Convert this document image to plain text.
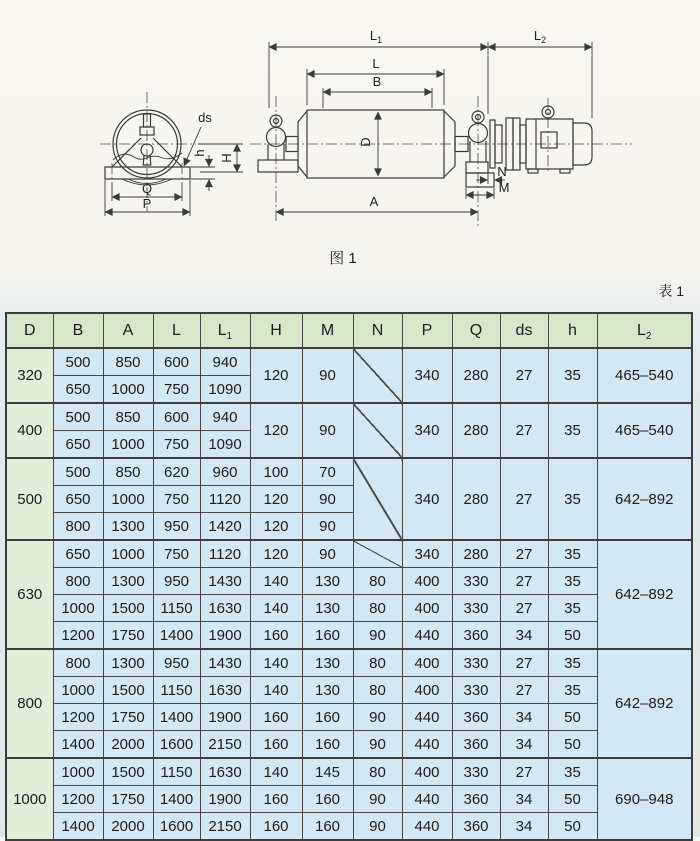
Q
P
ds
h
H
$L_1$	$L_2$
L
B
D
A
N
M
图 1
表 1
D	B	A	L	$L_1$	H	M	N	P	Q	ds	h	$L_2$
320	500	850	600	940	120	90		340	280	27	35	465–540
	650	1000	750	1090								
400	500	850	600	940	120	90		340	280	27	35	465–540
	650	1000	750	1090								
500	500	850	620	960	100	70		340	280	27	35	642–892
	650	1000	750	1120	120	90						
	800	1300	950	1420	120	90						
630	650	1000	750	1120	120	90		340	280	27	35	642–892
	800	1300	950	1430	140	130	80	400	330	27	35	
	1000	1500	1150	1630	140	130	80	400	330	27	35	
	1200	1750	1400	1900	160	160	90	440	360	34	50	
800	800	1300	950	1430	140	130	80	400	330	27	35	642–892
	1000	1500	1150	1630	140	130	80	400	330	27	35	
	1200	1750	1400	1900	160	160	90	440	360	34	50	
	1400	2000	1600	2150	160	160	90	440	360	34	50	
1000	1000	1500	1150	1630	140	145	80	400	330	27	35	690–948
	1200	1750	1400	1900	160	160	90	440	360	34	50	
	1400	2000	1600	2150	160	160	90	440	360	34	50	
